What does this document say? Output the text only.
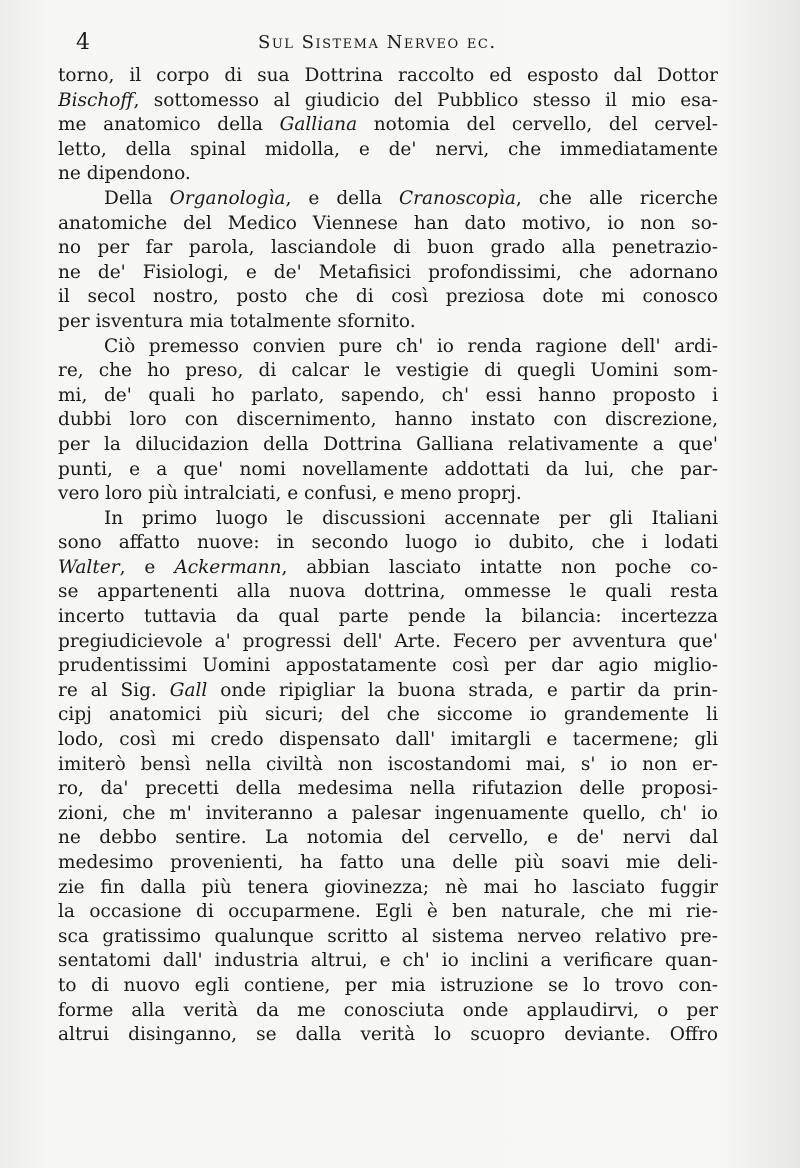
4	Sul Sistema Nerveo ec.
torno, il corpo di sua Dottrina raccolto ed esposto dal Dottor
Bischoff, sottomesso al giudicio del Pubblico stesso il mio esa-
me anatomico della Galliana notomia del cervello, del cervel-
letto, della spinal midolla, e de' nervi, che immediatamente
ne dipendono.
Della Organologìa, e della Cranoscopìa, che alle ricerche
anatomiche del Medico Viennese han dato motivo, io non so-
no per far parola, lasciandole di buon grado alla penetrazio-
ne de' Fisiologi, e de' Metafisici profondissimi, che adornano
il secol nostro, posto che di così preziosa dote mi conosco
per isventura mia totalmente sfornito.
Ciò premesso convien pure ch' io renda ragione dell' ardi-
re, che ho preso, di calcar le vestigie di quegli Uomini som-
mi, de' quali ho parlato, sapendo, ch' essi hanno proposto i
dubbi loro con discernimento, hanno instato con discrezione,
per la dilucidazion della Dottrina Galliana relativamente a que'
punti, e a que' nomi novellamente addottati da lui, che par-
vero loro più intralciati, e confusi, e meno proprj.
In primo luogo le discussioni accennate per gli Italiani
sono affatto nuove: in secondo luogo io dubito, che i lodati
Walter, e Ackermann, abbian lasciato intatte non poche co-
se appartenenti alla nuova dottrina, ommesse le quali resta
incerto tuttavia da qual parte pende la bilancia: incertezza
pregiudicievole a' progressi dell' Arte. Fecero per avventura que'
prudentissimi Uomini appostatamente così per dar agio miglio-
re al Sig. Gall onde ripigliar la buona strada, e partir da prin-
cipj anatomici più sicuri; del che siccome io grandemente li
lodo, così mi credo dispensato dall' imitargli e tacermene; gli
imiterò bensì nella civiltà non iscostandomi mai, s' io non er-
ro, da' precetti della medesima nella rifutazion delle proposi-
zioni, che m' inviteranno a palesar ingenuamente quello, ch' io
ne debbo sentire. La notomia del cervello, e de' nervi dal
medesimo provenienti, ha fatto una delle più soavi mie deli-
zie fin dalla più tenera giovinezza; nè mai ho lasciato fuggir
la occasione di occuparmene. Egli è ben naturale, che mi rie-
sca gratissimo qualunque scritto al sistema nerveo relativo pre-
sentatomi dall' industria altrui, e ch' io inclini a verificare quan-
to di nuovo egli contiene, per mia istruzione se lo trovo con-
forme alla verità da me conosciuta onde applaudirvi, o per
altrui disinganno, se dalla verità lo scuopro deviante. Offro
